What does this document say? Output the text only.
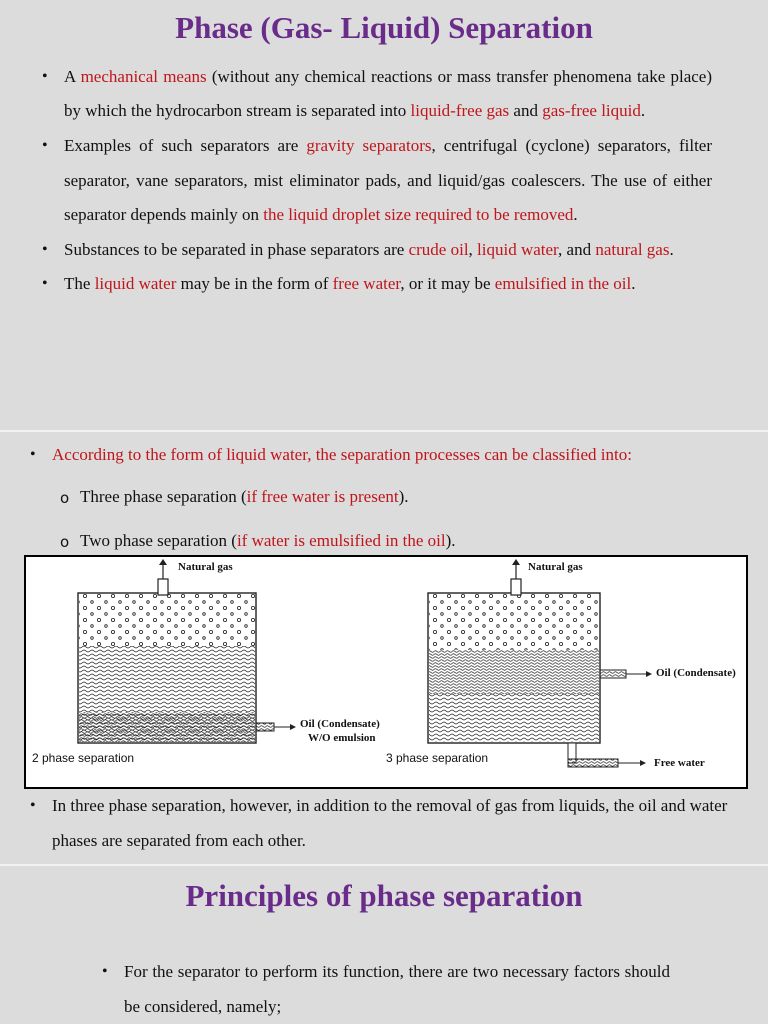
Phase (Gas- Liquid) Separation
• A mechanical means (without any chemical reactions or mass transfer phenomena take place) by which the hydrocarbon stream is separated into liquid-free gas and gas-free liquid.
• Examples of such separators are gravity separators, centrifugal (cyclone) separators, filter separator, vane separators, mist eliminator pads, and liquid/gas coalescers. The use of either separator depends mainly on the liquid droplet size required to be removed.
• Substances to be separated in phase separators are crude oil, liquid water, and natural gas.
• The liquid water may be in the form of free water, or it may be emulsified in the oil.
• According to the form of liquid water, the separation processes can be classified into:
o Three phase separation (if free water is present).
o Two phase separation (if water is emulsified in the oil).
Natural gas
Oil (Condensate)
W/O emulsion
2 phase separation
Natural gas
Oil (Condensate)
Free water
3 phase separation
• In three phase separation, however, in addition to the removal of gas from liquids, the oil and water phases are separated from each other.
Principles of phase separation
• For the separator to perform its function, there are two necessary factors should be considered, namely;
